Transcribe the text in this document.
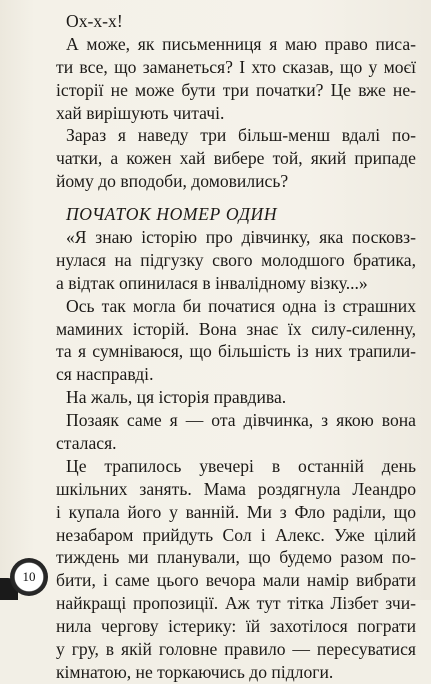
Ох-х-х!
А може, як письменниця я маю право писа-
ти все, що заманеться? І хто сказав, що у моєї
історії не може бути три початки? Це вже не-
хай вирішують читачі.
Зараз я наведу три більш-менш вдалі по-
чатки, а кожен хай вибере той, який припаде
йому до вподоби, домовились?
ПОЧАТОК НОМЕР ОДИН
«Я знаю історію про дівчинку, яка посковз-
нулася на підгузку свого молодшого братика,
а відтак опинилася в інвалідному візку...»
Ось так могла би початися одна із страшних
маминих історій. Вона знає їх силу-силенну,
та я сумніваюся, що більшість із них трапили-
ся насправді.
На жаль, ця історія правдива.
Позаяк саме я — ота дівчинка, з якою вона
сталася.
Це трапилось увечері в останній день
шкільних занять. Мама роздягнула Леандро
і купала його у ванній. Ми з Фло раділи, що
незабаром прийдуть Сол і Алекс. Уже цілий
тиждень ми планували, що будемо разом по-
бити, і саме цього вечора мали намір вибрати
найкращі пропозиції. Аж тут тітка Лізбет зчи-
нила чергову істерику: їй захотілося пограти
у гру, в якій головне правило — пересуватися
кімнатою, не торкаючись до підлоги.
10
